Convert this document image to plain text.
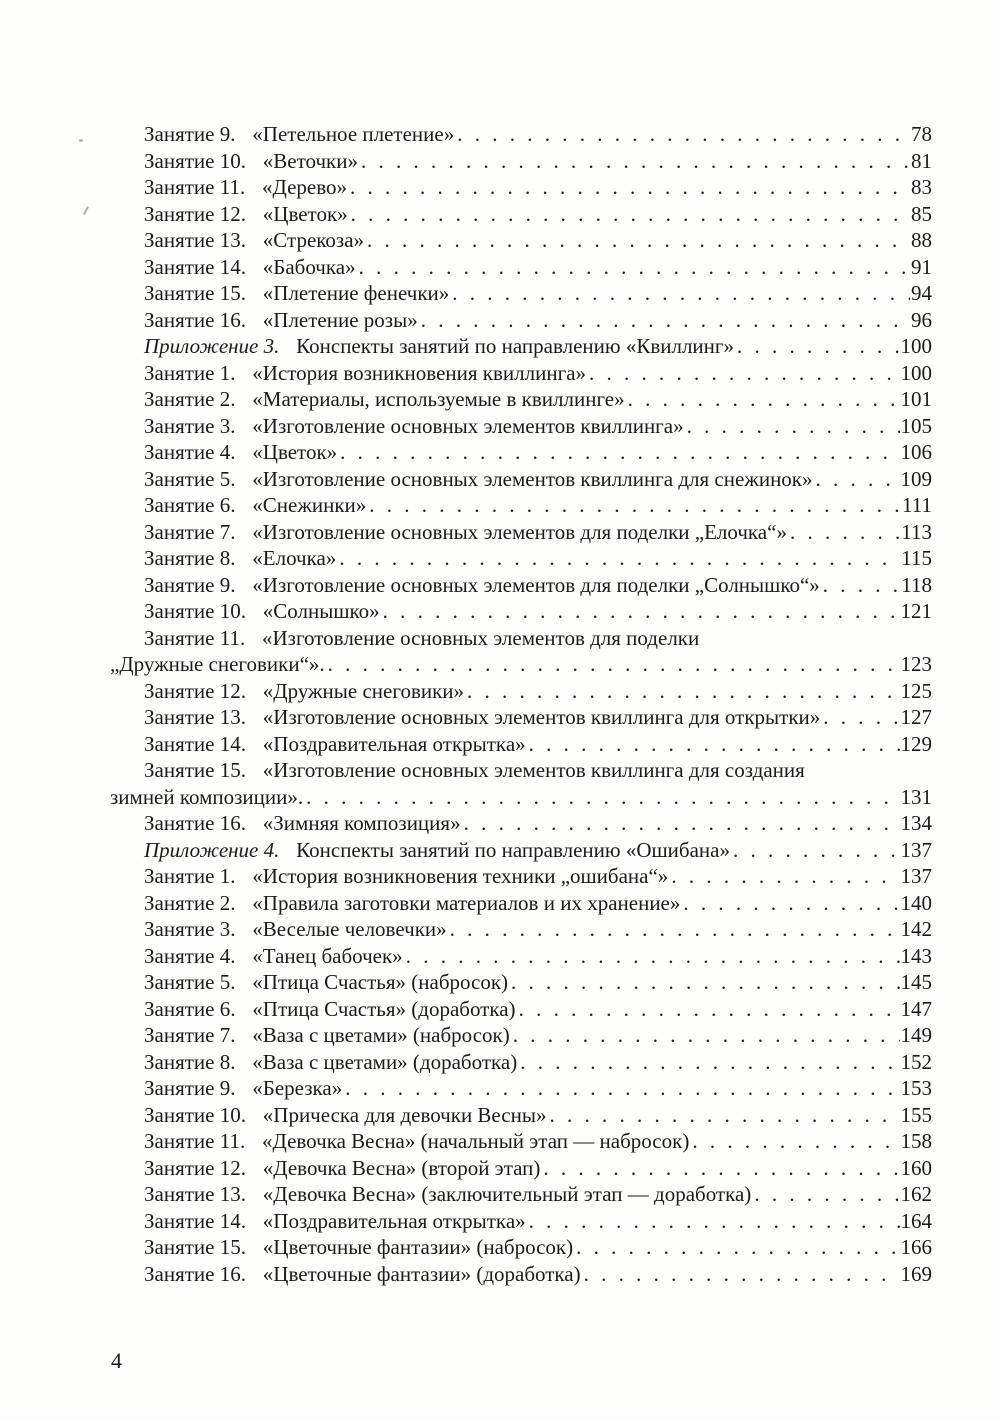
Занятие 9. «Петельное плетение» . . .	78
Занятие 10. «Веточки» . . .	81
Занятие 11. «Дерево» . . .	83
Занятие 12. «Цветок» . . .	85
Занятие 13. «Стрекоза» . . .	88
Занятие 14. «Бабочка» . . .	91
Занятие 15. «Плетение фенечки» . . .	94
Занятие 16. «Плетение розы» . . .	96
Приложение 3. Конспекты занятий по направлению «Квиллинг» . . .	100
Занятие 1. «История возникновения квиллинга» . . .	100
Занятие 2. «Материалы, используемые в квиллинге» . . .	101
Занятие 3. «Изготовление основных элементов квиллинга» . . .	105
Занятие 4. «Цветок» . . .	106
Занятие 5. «Изготовление основных элементов квиллинга для снежинок» . . .	109
Занятие 6. «Снежинки» . . .	111
Занятие 7. «Изготовление основных элементов для поделки „Елочка“» . . .	113
Занятие 8. «Елочка» . . .	115
Занятие 9. «Изготовление основных элементов для поделки „Солнышко“» . . .	118
Занятие 10. «Солнышко» . . .	121
Занятие 11. «Изготовление основных элементов для поделки
„Дружные снеговики“». . . .	123
Занятие 12. «Дружные снеговики» . . .	125
Занятие 13. «Изготовление основных элементов квиллинга для открытки» . . .	127
Занятие 14. «Поздравительная открытка» . . .	129
Занятие 15. «Изготовление основных элементов квиллинга для создания
зимней композиции». . . .	131
Занятие 16. «Зимняя композиция» . . .	134
Приложение 4. Конспекты занятий по направлению «Ошибана» . . .	137
Занятие 1. «История возникновения техники „ошибана“» . . .	137
Занятие 2. «Правила заготовки материалов и их хранение» . . .	140
Занятие 3. «Веселые человечки» . . .	142
Занятие 4. «Танец бабочек» . . .	143
Занятие 5. «Птица Счастья» (набросок) . . .	145
Занятие 6. «Птица Счастья» (доработка) . . .	147
Занятие 7. «Ваза с цветами» (набросок) . . .	149
Занятие 8. «Ваза с цветами» (доработка) . . .	152
Занятие 9. «Березка» . . .	153
Занятие 10. «Прическа для девочки Весны» . . .	155
Занятие 11. «Девочка Весна» (начальный этап — набросок) . . .	158
Занятие 12. «Девочка Весна» (второй этап) . . .	160
Занятие 13. «Девочка Весна» (заключительный этап — доработка) . . .	162
Занятие 14. «Поздравительная открытка» . . .	164
Занятие 15. «Цветочные фантазии» (набросок) . . .	166
Занятие 16. «Цветочные фантазии» (доработка) . . .	169
4
